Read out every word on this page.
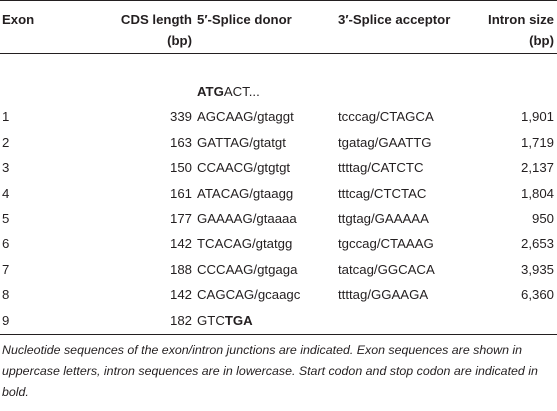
Exon	CDS length (bp)	5′-Splice donor	3′-Splice acceptor	Intron size (bp)

		ATGACT...		
1	339	AGCAAG/gtaggt	tcccag/CTAGCA	1,901
2	163	GATTAG/gtatgt	tgatag/GAATTG	1,719
3	150	CCAACG/gtgtgt	ttttag/CATCTC	2,137
4	161	ATACAG/gtaagg	tttcag/CTCTAC	1,804
5	177	GAAAAG/gtaaaa	ttgtag/GAAAAA	950
6	142	TCACAG/gtatgg	tgccag/CTAAAG	2,653
7	188	CCCAAG/gtgaga	tatcag/GGCACA	3,935
8	142	CAGCAG/gcaagc	ttttag/GGAAGA	6,360
9	182	GTCTGA		
Nucleotide sequences of the exon/intron junctions are indicated. Exon sequences are shown in uppercase letters, intron sequences are in lowercase. Start codon and stop codon are indicated in bold.
